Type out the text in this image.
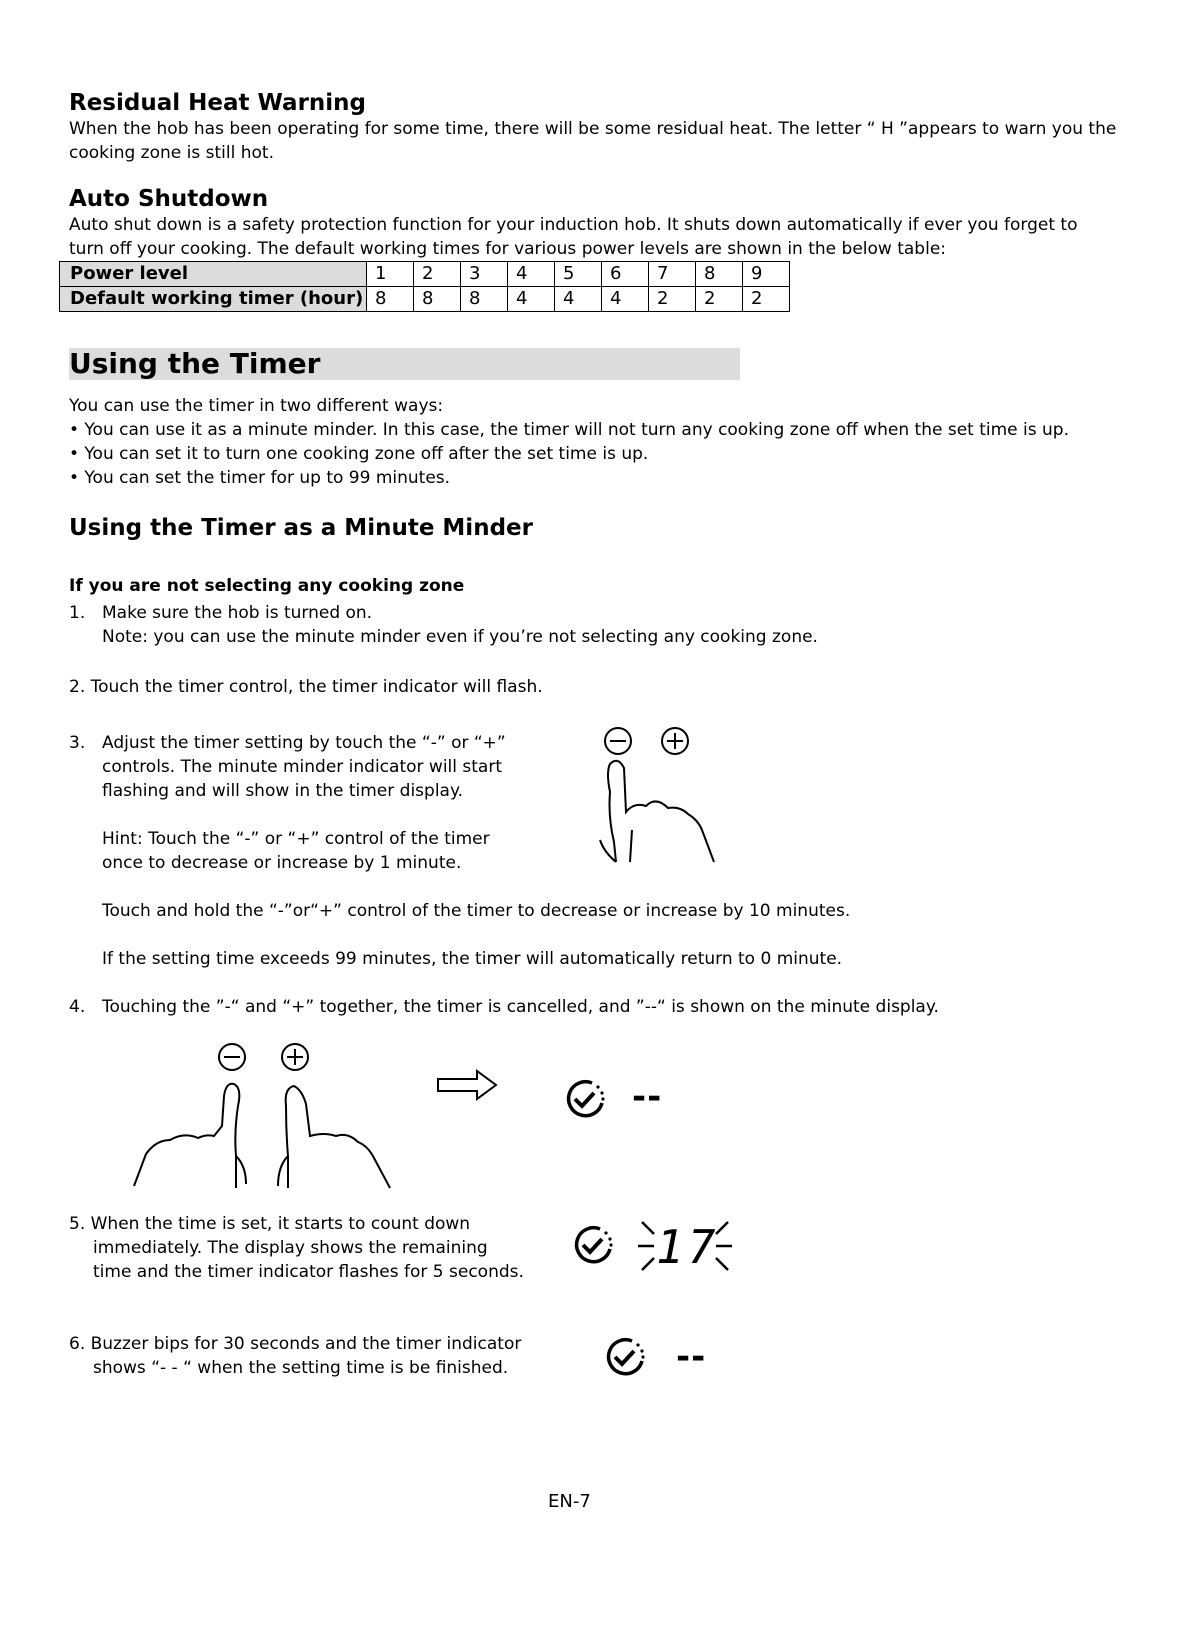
Residual Heat Warning
When the hob has been operating for some time, there will be some residual heat. The letter “ H ”appears to warn you the
cooking zone is still hot.
Auto Shutdown
Auto shut down is a safety protection function for your induction hob. It shuts down automatically if ever you forget to
turn off your cooking. The default working times for various power levels are shown in the below table:
Power level	1	2	3	4	5	6	7	8	9
Default working timer (hour)	8	8	8	4	4	4	2	2	2
Using the Timer
You can use the timer in two different ways:
• You can use it as a minute minder. In this case, the timer will not turn any cooking zone off when the set time is up.
• You can set it to turn one cooking zone off after the set time is up.
• You can set the timer for up to 99 minutes.
Using the Timer as a Minute Minder
If you are not selecting any cooking zone
1. Make sure the hob is turned on.
Note: you can use the minute minder even if you’re not selecting any cooking zone.
2. Touch the timer control, the timer indicator will flash.
3. Adjust the timer setting by touch the “-” or “+”
controls. The minute minder indicator will start
flashing and will show in the timer display.
Hint: Touch the “-” or “+” control of the timer
once to decrease or increase by 1 minute.
Touch and hold the “-”or“+” control of the timer to decrease or increase by 10 minutes.
If the setting time exceeds 99 minutes, the timer will automatically return to 0 minute.
4. Touching the ”-“ and “+” together, the timer is cancelled, and ”--“ is shown on the minute display.
--
5. When the time is set, it starts to count down
immediately. The display shows the remaining
time and the timer indicator flashes for 5 seconds.	17
6. Buzzer bips for 30 seconds and the timer indicator
shows “- - “ when the setting time is be finished.	--
EN-7
